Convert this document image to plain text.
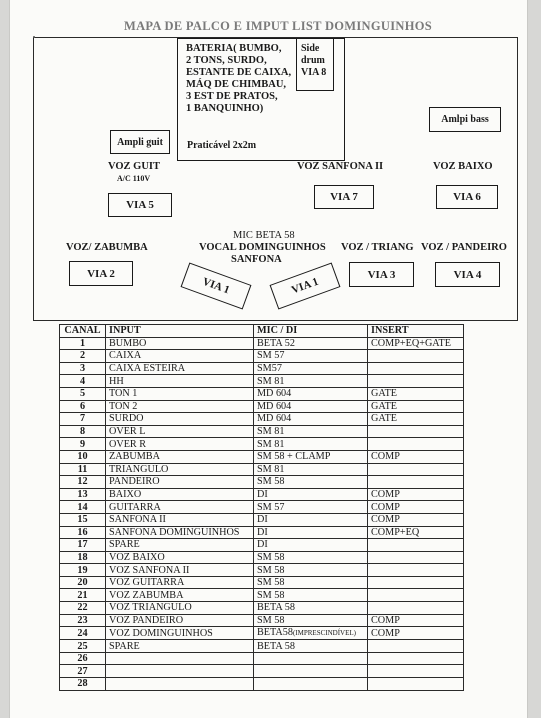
MAPA DE PALCO E IMPUT LIST DOMINGUINHOS
BATERIA( BUMBO,
2 TONS, SURDO,
ESTANTE DE CAIXA,
MÁQ DE CHIMBAU,
3 EST DE PRATOS,
1 BANQUINHO)
Praticável 2x2m
Side
drum
VIA 8
Ampli guit
Amlpi bass
VOZ GUIT
A/C 110V
VOZ SANFONA II	VOZ BAIXO
VIA 5
VIA 7	VIA 6
MIC BETA 58
VOCAL DOMINGUINHOS
SANFONA
VOZ/ ZABUMBA	VOZ / TRIANG VOZ / PANDEIRO
VIA 2	VIA 3	VIA 4
VIA 1	VIA 1
CANAL	INPUT	MIC / DI	INSERT
1	BUMBO	BETA 52	COMP+EQ+GATE
2	CAIXA	SM 57	
3	CAIXA ESTEIRA	SM57	
4	HH	SM 81	
5	TON 1	MD 604	GATE
6	TON 2	MD 604	GATE
7	SURDO	MD 604	GATE
8	OVER L	SM 81	
9	OVER R	SM 81	
10	ZABUMBA	SM 58 + CLAMP	COMP
11	TRIANGULO	SM 81	
12	PANDEIRO	SM 58	
13	BAIXO	DI	COMP
14	GUITARRA	SM 57	COMP
15	SANFONA II	DI	COMP
16	SANFONA DOMINGUINHOS	DI	COMP+EQ
17	SPARE	DI	
18	VOZ BAIXO	SM 58	
19	VOZ SANFONA II	SM 58	
20	VOZ GUITARRA	SM 58	
21	VOZ ZABUMBA	SM 58	
22	VOZ TRIANGULO	BETA 58	
23	VOZ PANDEIRO	SM 58	COMP
24	VOZ DOMINGUINHOS	BETA58(IMPRESCINDÍVEL)	COMP
25	SPARE	BETA 58	
26			
27			
28			
